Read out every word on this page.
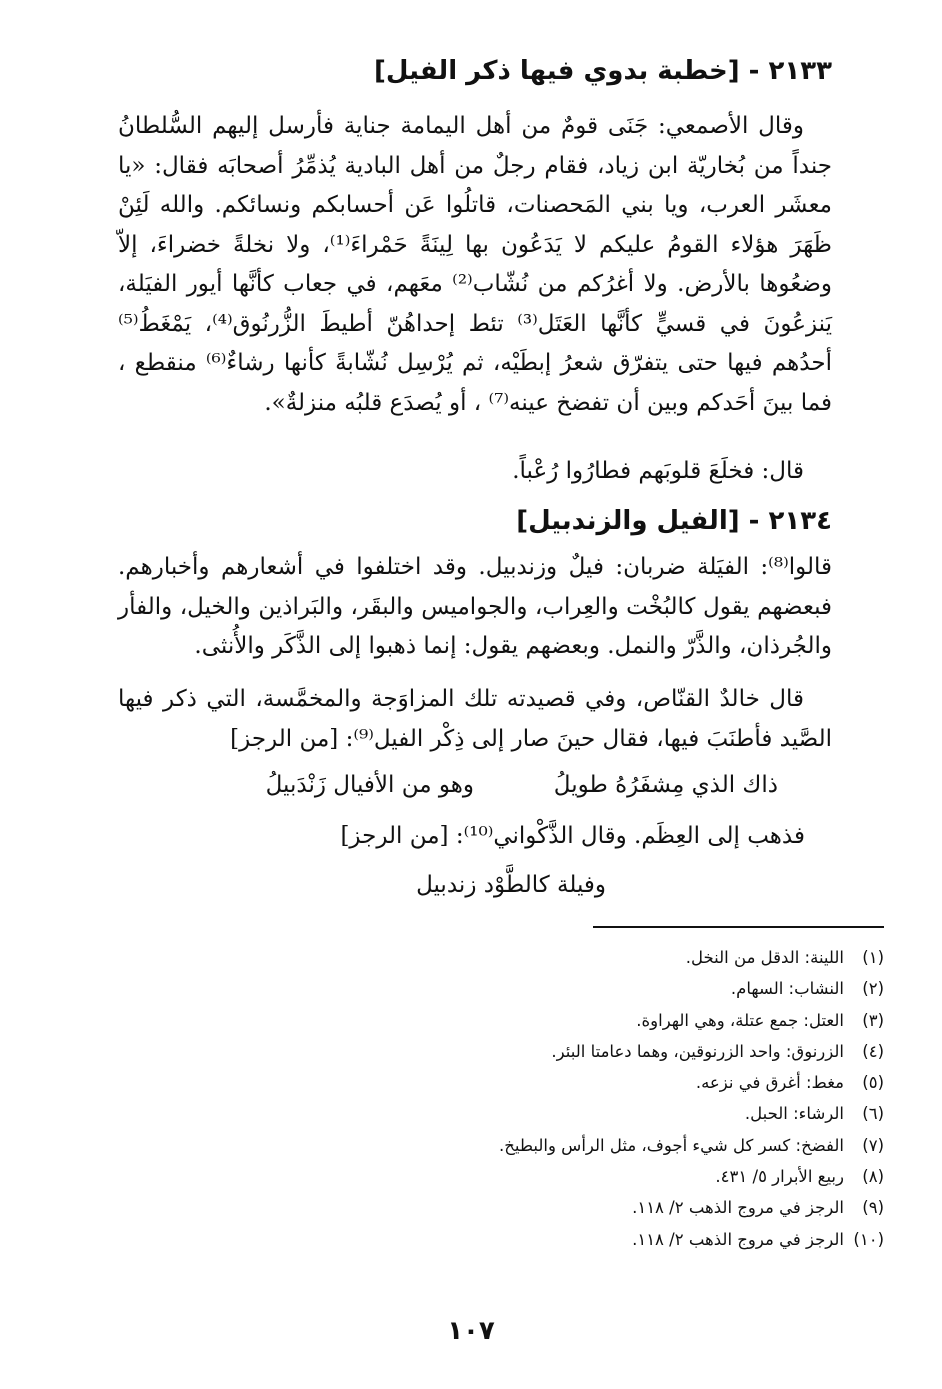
٢١٣٣ - [خطبة بدوي فيها ذكر الفيل]
وقال الأصمعي: جَنَى قومٌ من أهل اليمامة جناية فأرسل إليهم السُّلطانُ جنداً من بُخاريّة ابن زياد، فقام رجلٌ من أهل البادية يُذمِّرُ أصحابَه فقال: «يا معشَر العرب، ويا بني المَحصنات، قاتلُوا عَن أحسابكم ونسائكم. والله لَئِنْ ظَهَرَ هؤلاء القومُ عليكم لا يَدَعُون بها لِينَةً حَمْراءَ⁽¹⁾، ولا نخلةً خضراءَ، إلاّ وضعُوها بالأرض. ولا أغرُكم من نُشّاب⁽²⁾ معَهم، في جعاب كأنَّها أيور الفيَلة، يَنزعُونَ في قسيٍّ كأنَّها العَتَل⁽³⁾ تئط إحداهُنّ أطيطَ الزُّرنُوق⁽⁴⁾، يَمْغَطُ⁽⁵⁾ أحدُهم فيها حتى يتفرّق شعرُ إبطَيْه، ثم يُرْسِل نُشّابةً كأنها رشاءٌ⁽⁶⁾ منقطع ، فما بينَ أحَدكم وبين أن تفضخ عينه⁽⁷⁾ ، أو يُصدَع قلبُه منزلةٌ».
قال: فخلَعَ قلوبَهم فطارُوا رُعْباً.
٢١٣٤ - [الفيل والزندبيل]
قالوا⁽⁸⁾: الفيَلة ضربان: فيلٌ وزندبيل. وقد اختلفوا في أشعارهم وأخبارهم. فبعضهم يقول كالبُخْت والعِراب، والجواميس والبقَر، والبَراذين والخيل، والفأر والجُرذان، والذَّرّ والنمل. وبعضهم يقول: إنما ذهبوا إلى الذَّكَر والأُنثى.
قال خالدٌ القنّاص، وفي قصيدته تلك المزاوَجة والمخمَّسة، التي ذكر فيها الصَّيد فأطنَبَ فيها، فقال حينَ صار إلى ذِكْر الفيل⁽⁹⁾: [من الرجز]
ذاك الذي مِشفَرُهُ طويلُ
وهو من الأفيال زَنْدَبيلُ
فذهب إلى العِظَم. وقال الذَّكْواني⁽¹⁰⁾: [من الرجز]
وفيلة كالطَّوْد زندبيل
(١)اللينة: الدقل من النخل.
(٢)النشاب: السهام.
(٣)العتل: جمع عتلة، وهي الهراوة.
(٤)الزرنوق: واحد الزرنوقين، وهما دعامتا البئر.
(٥)مغط: أغرق في نزعه.
(٦)الرشاء: الحبل.
(٧)الفضخ: كسر كل شيء أجوف، مثل الرأس والبطيخ.
(٨)ربيع الأبرار ٥/ ٤٣١.
(٩)الرجز في مروج الذهب ٢/ ١١٨.
(١٠)الرجز في مروج الذهب ٢/ ١١٨.
١٠٧
